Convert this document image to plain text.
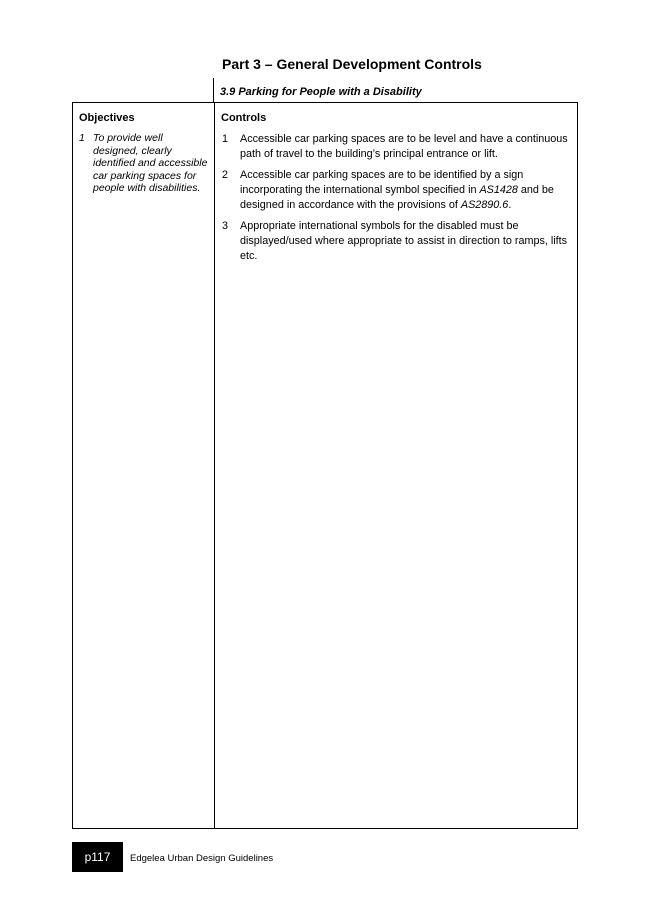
Part 3 – General Development Controls
3.9 Parking for People with a Disability
Objectives	Controls
1 To provide well designed, clearly identified and accessible car parking spaces for people with disabilities.
1 Accessible car parking spaces are to be level and have a continuous path of travel to the building’s principal entrance or lift.
2 Accessible car parking spaces are to be identified by a sign incorporating the international symbol specified in AS1428 and be designed in accordance with the provisions of AS2890.6.
3 Appropriate international symbols for the disabled must be displayed/used where appropriate to assist in direction to ramps, lifts etc.
p117 Edgelea Urban Design Guidelines
